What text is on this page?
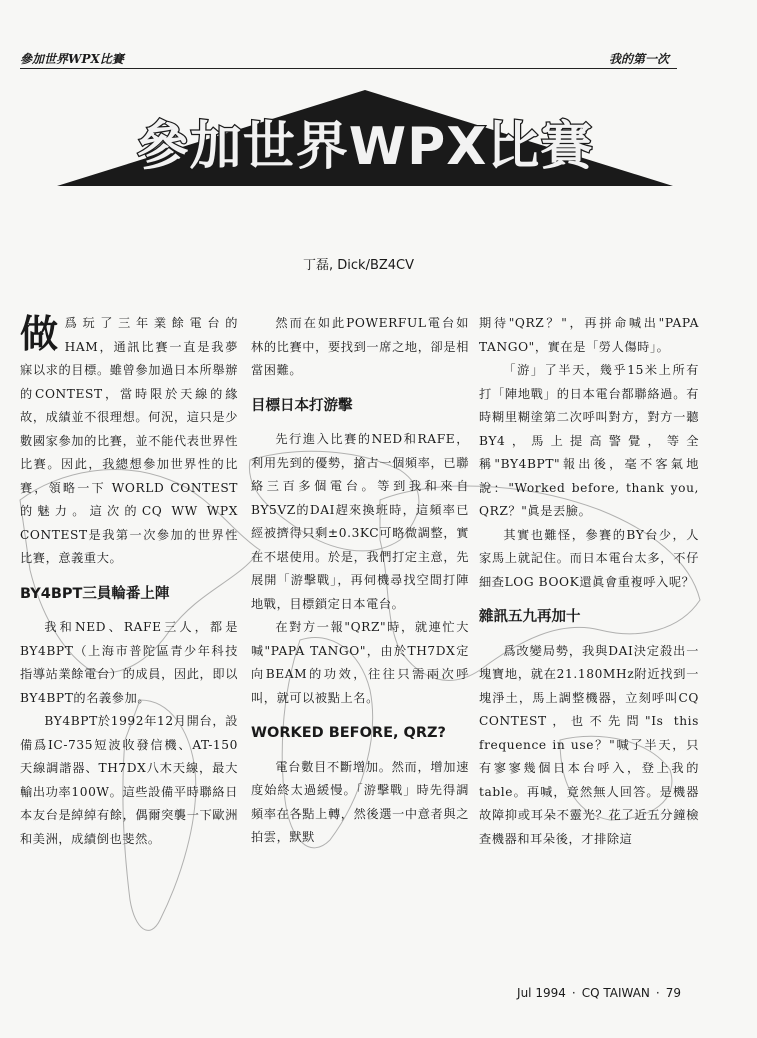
參加世界WPX比賽	我的第一次
參加世界WPX比賽
丁磊, Dick/BZ4CV

做爲玩了三年業餘電台的HAM，通訊比賽一直是我夢寐以求的目標。雖曾參加過日本所舉辦的CONTEST，當時限於天線的緣故，成績並不很理想。何況，這只是少數國家參加的比賽，並不能代表世界性比賽。因此，我總想參加世界性的比賽，領略一下 WORLD CONTEST的魅力。這次的CQ WW WPX CONTEST是我第一次參加的世界性比賽，意義重大。

BY4BPT三員輪番上陣

我和NED、RAFE三人，都是BY4BPT（上海市普陀區青少年科技指導站業餘電台）的成員，因此，即以BY4BPT的名義參加。

BY4BPT於1992年12月開台，設備爲IC-735短波收發信機、AT-150天線調諧器、TH7DX八木天線，最大輸出功率100W。這些設備平時聯絡日本友台是綽綽有餘，偶爾突襲一下歐洲和美洲，成績倒也斐然。

然而在如此POWERFUL電台如林的比賽中，要找到一席之地，卻是相當困難。

目標日本打游擊

先行進入比賽的NED和RAFE，利用先到的優勢，搶占一個頻率，已聯絡三百多個電台。等到我和來自BY5VZ的DAI趕來換班時，這頻率已經被擠得只剩±0.3KC可略微調整，實在不堪使用。於是，我們打定主意，先展開「游擊戰」，再伺機尋找空間打陣地戰，目標鎖定日本電台。

在對方一報"QRZ"時，就連忙大喊"PAPA TANGO"，由於TH7DX定向BEAM的功效，往往只需兩次呼叫，就可以被點上名。

WORKED BEFORE, QRZ?

電台數目不斷增加。然而，增加速度始終太過緩慢。「游擊戰」時先得調頻率在各點上轉，然後選一中意者與之拍雲，默默

期待"QRZ？"，再拼命喊出"PAPA TANGO"，實在是「勞人傷時」。

「游」了半天，幾乎15米上所有打「陣地戰」的日本電台都聯絡過。有時糊里糊塗第二次呼叫對方，對方一聽BY4，馬上提高警覺，等全稱"BY4BPT"報出後，毫不客氣地說："Worked before, thank you, QRZ？"眞是丟臉。

其實也難怪，參賽的BY台少，人家馬上就記住。而日本電台太多，不仔細查LOG BOOK還眞會重複呼入呢？

雜訊五九再加十

爲改變局勢，我與DAI決定殺出一塊寶地，就在21.180MHz附近找到一塊淨土，馬上調整機器，立刻呼叫CQ CONTEST，也不先問"Is this frequence in use？"喊了半天，只有寥寥幾個日本台呼入，登上我的table。再喊，竟然無人回答。是機器故障抑或耳朵不靈光？花了近五分鐘檢查機器和耳朵後，才排除這

Jul 1994 · CQ TAIWAN · 79
